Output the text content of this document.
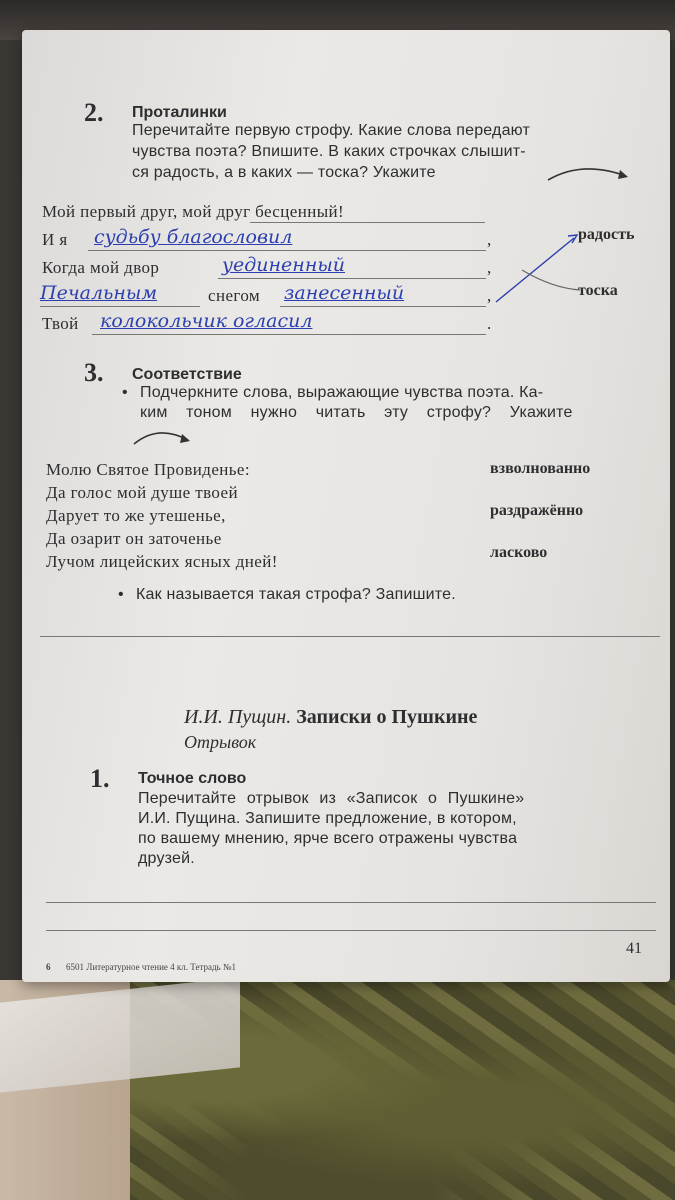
2. Проталинки
Перечитайте первую строфу. Какие слова передают
чувства поэта? Впишите. В каких строчках слышит-
ся радость, а в каких — тоска? Укажите
Мой первый друг, мой друг бесценный!
И я судьбу благословил	,
Когда мой двор	уединенный	,
Печальным	снегом занесенный	,
Твой колокольчик огласил	.
радость
тоска
3. Соответствие
• Подчеркните слова, выражающие чувства поэта. Ка-
ким тоном нужно читать эту строфу? Укажите
Молю Святое Провиденье:
Да голос мой душе твоей
Дарует то же утешенье,
Да озарит он заточенье
Лучом лицейских ясных дней!
взволнованно
раздражённо
ласково
• Как называется такая строфа? Запишите.
И.И. Пущин. Записки о Пушкине
Отрывок
1. Точное слово
Перечитайте отрывок из «Записок о Пушкине»
И.И. Пущина. Запишите предложение, в котором,
по вашему мнению, ярче всего отражены чувства
друзей.
41
6 6501 Литературное чтение 4 кл. Тетрадь №1
